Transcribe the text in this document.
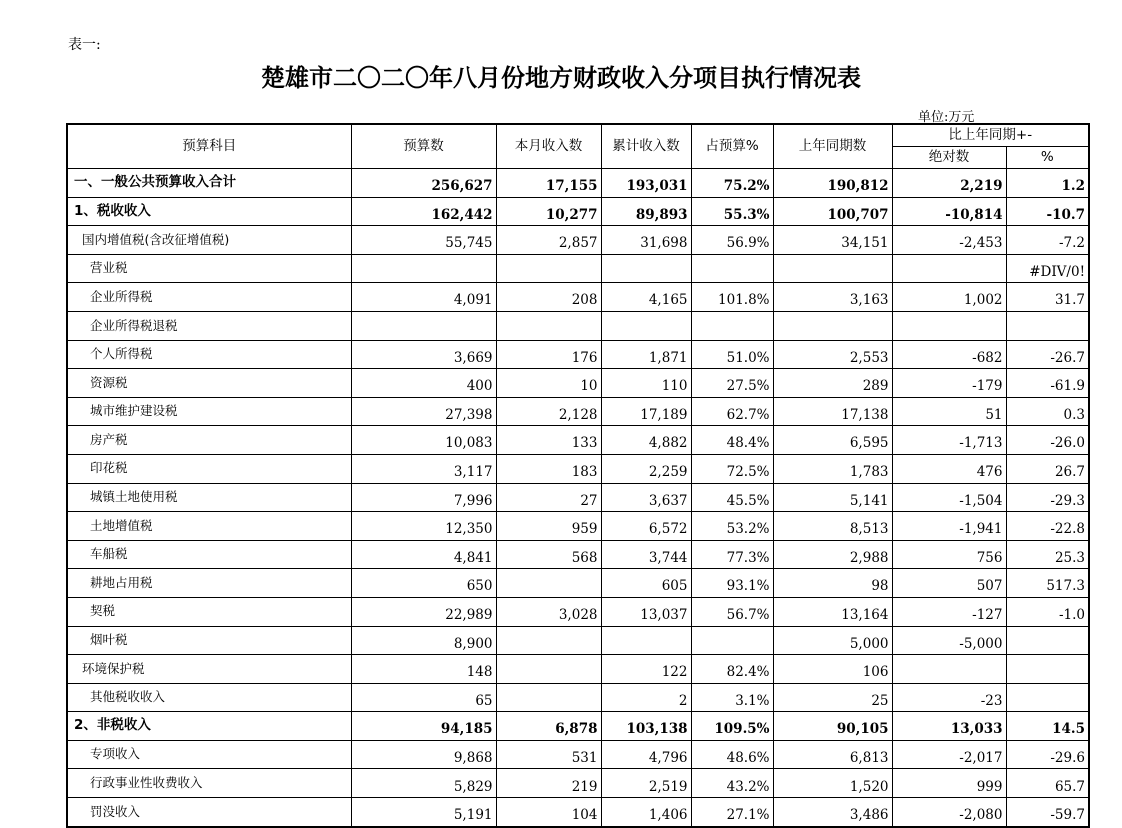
表一:
楚雄市二〇二〇年八月份地方财政收入分项目执行情况表
单位:万元
预算科目	预算数	本月收入数	累计收入数	占预算%	上年同期数	比上年同期+-	
						绝对数	%
一、一般公共预算收入合计	256,627	17,155	193,031	75.2%	190,812	2,219	1.2
1、税收收入	162,442	10,277	89,893	55.3%	100,707	-10,814	-10.7
国内增值税(含改征增值税)	55,745	2,857	31,698	56.9%	34,151	-2,453	-7.2
营业税							#DIV/0!
企业所得税	4,091	208	4,165	101.8%	3,163	1,002	31.7
企业所得税退税							
个人所得税	3,669	176	1,871	51.0%	2,553	-682	-26.7
资源税	400	10	110	27.5%	289	-179	-61.9
城市维护建设税	27,398	2,128	17,189	62.7%	17,138	51	0.3
房产税	10,083	133	4,882	48.4%	6,595	-1,713	-26.0
印花税	3,117	183	2,259	72.5%	1,783	476	26.7
城镇土地使用税	7,996	27	3,637	45.5%	5,141	-1,504	-29.3
土地增值税	12,350	959	6,572	53.2%	8,513	-1,941	-22.8
车船税	4,841	568	3,744	77.3%	2,988	756	25.3
耕地占用税	650		605	93.1%	98	507	517.3
契税	22,989	3,028	13,037	56.7%	13,164	-127	-1.0
烟叶税	8,900				5,000	-5,000	
环境保护税	148		122	82.4%	106		
其他税收收入	65		2	3.1%	25	-23	
2、非税收入	94,185	6,878	103,138	109.5%	90,105	13,033	14.5
专项收入	9,868	531	4,796	48.6%	6,813	-2,017	-29.6
行政事业性收费收入	5,829	219	2,519	43.2%	1,520	999	65.7
罚没收入	5,191	104	1,406	27.1%	3,486	-2,080	-59.7
